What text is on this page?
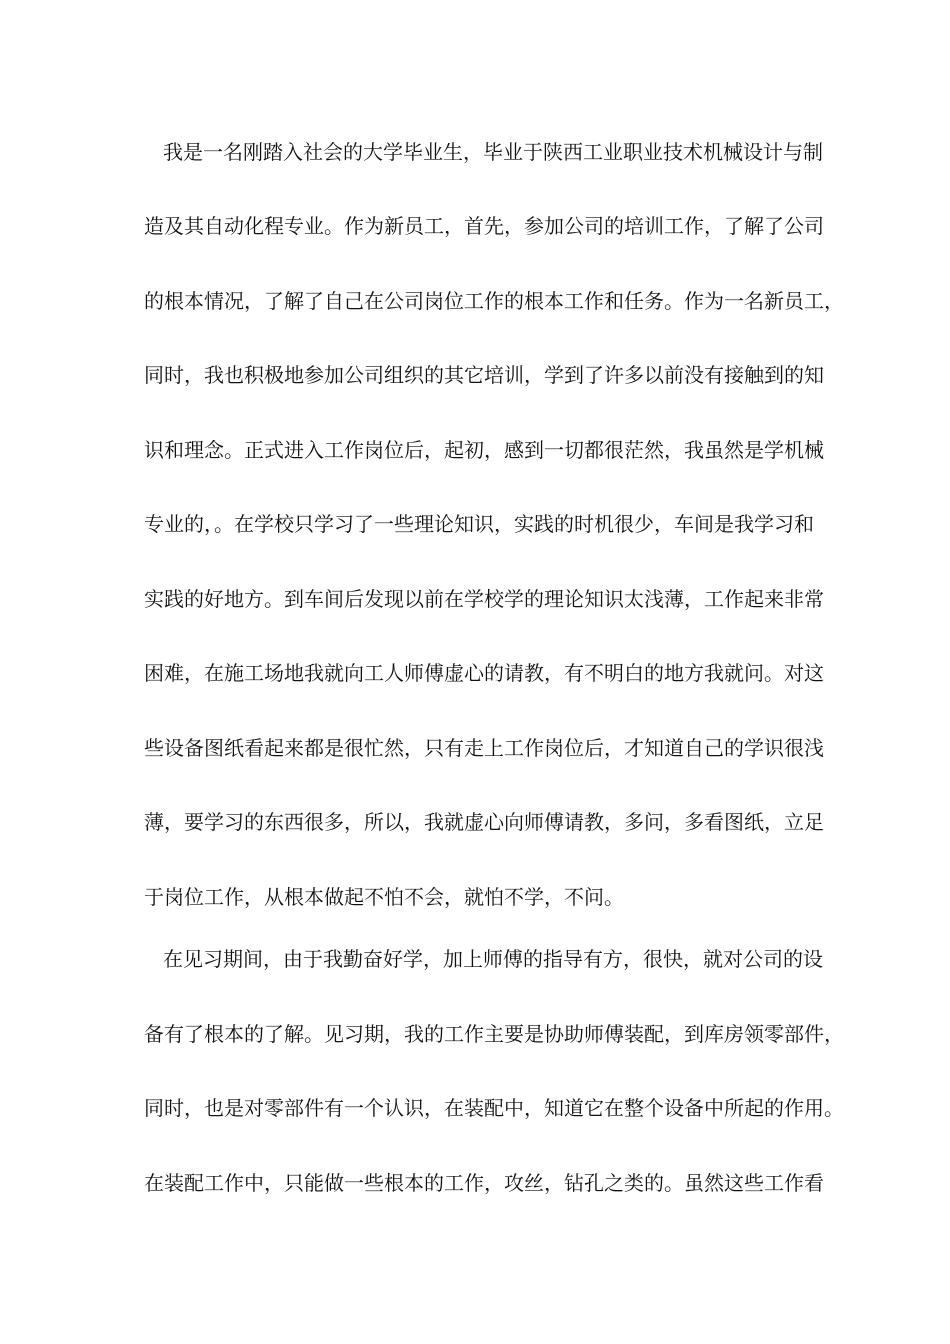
我是一名刚踏入社会的大学毕业生，毕业于陕西工业职业技术机械设计与制
造及其自动化程专业。作为新员工，首先，参加公司的培训工作，了解了公司
的根本情况，了解了自己在公司岗位工作的根本工作和任务。作为一名新员工，
同时，我也积极地参加公司组织的其它培训，学到了许多以前没有接触到的知
识和理念。正式进入工作岗位后，起初，感到一切都很茫然，我虽然是学机械
专业的，。在学校只学习了一些理论知识，实践的时机很少，车间是我学习和
实践的好地方。到车间后发现以前在学校学的理论知识太浅薄，工作起来非常
困难，在施工场地我就向工人师傅虚心的请教，有不明白的地方我就问。对这
些设备图纸看起来都是很忙然，只有走上工作岗位后，才知道自己的学识很浅
薄，要学习的东西很多，所以，我就虚心向师傅请教，多问，多看图纸，立足
于岗位工作，从根本做起不怕不会，就怕不学，不问。
在见习期间，由于我勤奋好学，加上师傅的指导有方，很快，就对公司的设
备有了根本的了解。见习期，我的工作主要是协助师傅装配，到库房领零部件，
同时，也是对零部件有一个认识，在装配中，知道它在整个设备中所起的作用。
在装配工作中，只能做一些根本的工作，攻丝，钻孔之类的。虽然这些工作看
